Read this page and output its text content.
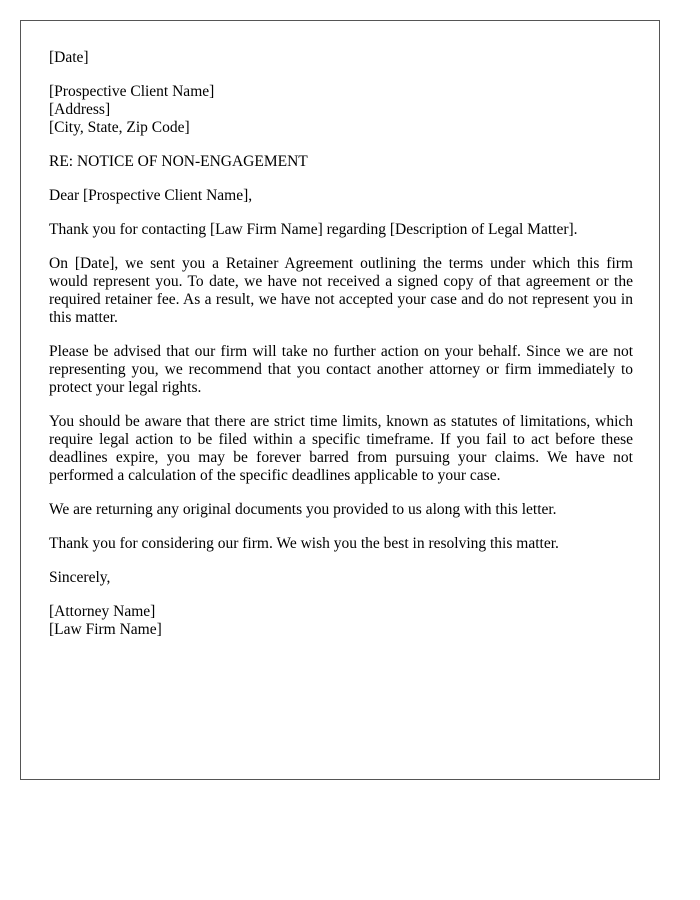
[Date]

[Prospective Client Name]
[Address]
[City, State, Zip Code]

RE: NOTICE OF NON-ENGAGEMENT

Dear [Prospective Client Name],

Thank you for contacting [Law Firm Name] regarding [Description of Legal Matter].

On [Date], we sent you a Retainer Agreement outlining the terms under which this firm would represent you. To date, we have not received a signed copy of that agreement or the required retainer fee. As a result, we have not accepted your case and do not represent you in this matter.

Please be advised that our firm will take no further action on your behalf. Since we are not representing you, we recommend that you contact another attorney or firm immediately to protect your legal rights.

You should be aware that there are strict time limits, known as statutes of limitations, which require legal action to be filed within a specific timeframe. If you fail to act before these deadlines expire, you may be forever barred from pursuing your claims. We have not performed a calculation of the specific deadlines applicable to your case.

We are returning any original documents you provided to us along with this letter.

Thank you for considering our firm. We wish you the best in resolving this matter.

Sincerely,

[Attorney Name]
[Law Firm Name]
